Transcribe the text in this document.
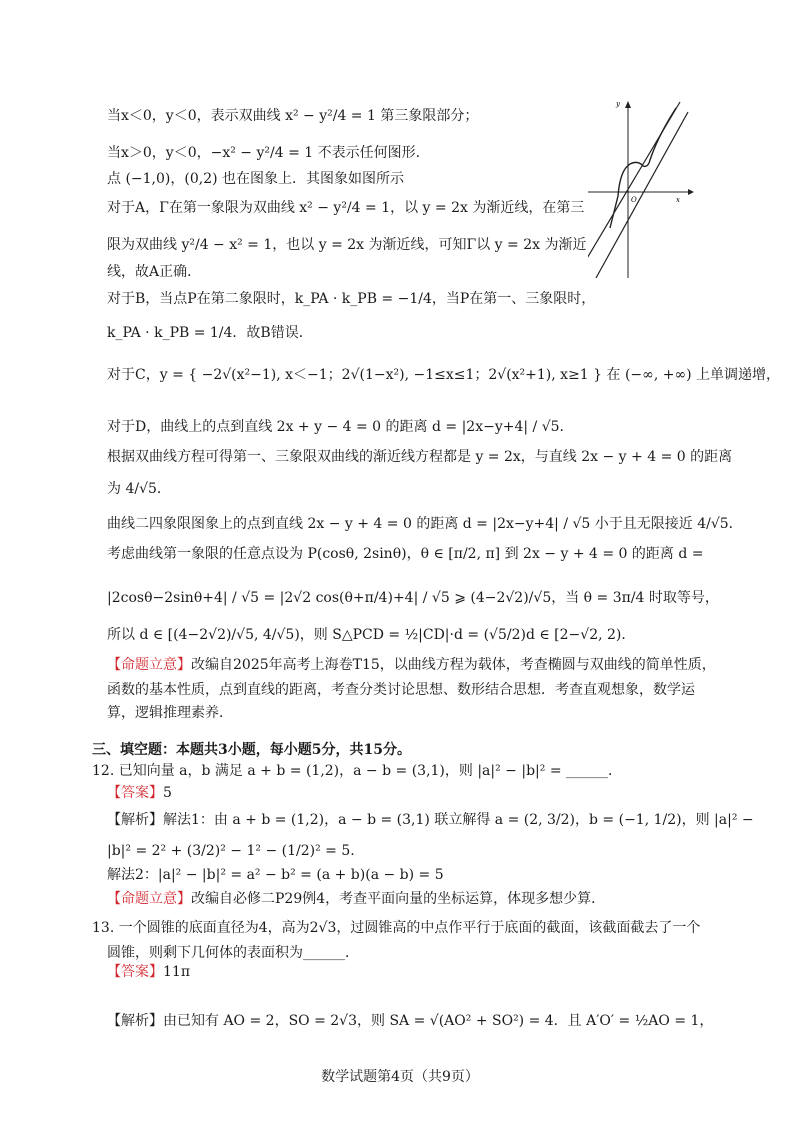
当x＜0，y＜0，表示双曲线 x² − y²/4 = 1 第三象限部分；
当x＞0，y＜0，−x² − y²/4 = 1 不表示任何图形.
点 (−1,0)，(0,2) 也在图象上．其图象如图所示
对于A，Γ在第一象限为双曲线 x² − y²/4 = 1，以 y = 2x 为渐近线，在第三
限为双曲线 y²/4 − x² = 1，也以 y = 2x 为渐近线，可知Γ以 y = 2x 为渐近
线，故A正确．
对于B，当点P在第二象限时，k_PA · k_PB = −1/4，当P在第一、三象限时，
k_PA · k_PB = 1/4．故B错误．
对于C，y = { −2√(x²−1), x＜−1；2√(1−x²), −1≤x≤1；2√(x²+1), x≥1 } 在 (−∞, +∞) 上单调递增，
对于D，曲线上的点到直线 2x + y − 4 = 0 的距离 d = |2x−y+4| / √5．
根据双曲线方程可得第一、三象限双曲线的渐近线方程都是 y = 2x，与直线 2x − y + 4 = 0 的距离
为 4/√5．
曲线二四象限图象上的点到直线 2x − y + 4 = 0 的距离 d = |2x−y+4| / √5 小于且无限接近 4/√5．
考虑曲线第一象限的任意点设为 P(cosθ, 2sinθ)，θ ∈ [π/2, π] 到 2x − y + 4 = 0 的距离 d =
|2cosθ−2sinθ+4| / √5 = |2√2 cos(θ+π/4)+4| / √5 ⩾ (4−2√2)/√5，当 θ = 3π/4 时取等号，
所以 d ∈ [(4−2√2)/√5, 4/√5)，则 S△PCD = ½|CD|·d = (√5/2)d ∈ [2−√2, 2)．
【命题立意】改编自2025年高考上海卷T15，以曲线方程为载体，考查椭圆与双曲线的简单性质，
函数的基本性质，点到直线的距离，考查分类讨论思想、数形结合思想．考查直观想象，数学运
算，逻辑推理素养．
y
x
O
三、填空题：本题共3小题，每小题5分，共15分。
12. 已知向量 a，b 满足 a + b = (1,2)，a − b = (3,1)，则 |a|² − |b|² = ______．
【答案】5
【解析】解法1：由 a + b = (1,2)，a − b = (3,1) 联立解得 a = (2, 3/2)，b = (−1, 1/2)，则 |a|² −
|b|² = 2² + (3/2)² − 1² − (1/2)² = 5.
解法2：|a|² − |b|² = a² − b² = (a + b)(a − b) = 5
【命题立意】改编自必修二P29例4，考查平面向量的坐标运算，体现多想少算．
13. 一个圆锥的底面直径为4，高为2√3，过圆锥高的中点作平行于底面的截面，该截面截去了一个
圆锥，则剩下几何体的表面积为______．
【答案】11π
【解析】由已知有 AO = 2，SO = 2√3，则 SA = √(AO² + SO²) = 4．且 A′O′ = ½AO = 1，
数学试题第4页（共9页）
